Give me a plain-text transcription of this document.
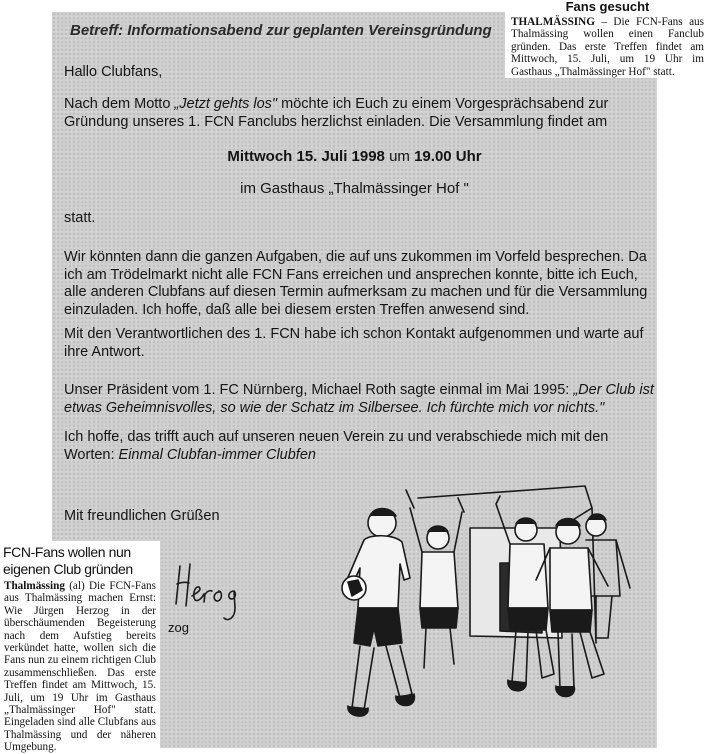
Betreff: Informationsabend zur geplanten Vereinsgründung
Hallo Clubfans,
Nach dem Motto „Jetzt gehts los" möchte ich Euch zu einem Vorgesprächsabend zur
Gründung unseres 1. FCN Fanclubs herzlichst einladen. Die Versammlung findet am
Mittwoch 15. Juli 1998 um 19.00 Uhr
im Gasthaus „Thalmässinger Hof "
statt.
Wir könnten dann die ganzen Aufgaben, die auf uns zukommen im Vorfeld besprechen. Da
ich am Trödelmarkt nicht alle FCN Fans erreichen und ansprechen konnte, bitte ich Euch,
alle anderen Clubfans auf diesen Termin aufmerksam zu machen und für die Versammlung
einzuladen. Ich hoffe, daß alle bei diesem ersten Treffen anwesend sind.
Mit den Verantwortlichen des 1. FCN habe ich schon Kontakt aufgenommen und warte auf
ihre Antwort.
Unser Präsident vom 1. FC Nürnberg, Michael Roth sagte einmal im Mai 1995: „Der Club ist
etwas Geheimnisvolles, so wie der Schatz im Silbersee. Ich fürchte mich vor nichts."
Ich hoffe, das trifft auch auf unseren neuen Verein zu und verabschiede mich mit den
Worten: Einmal Clubfan-immer Clubfen
Mit freundlichen Grüßen
zog
Fans gesucht
THALMÄSSING – Die FCN-Fans aus Thalmässing wollen einen Fanclub gründen. Das erste Treffen findet am Mittwoch, 15. Juli, um 19 Uhr im Gasthaus „Thalmässinger Hof" statt.
FCN-Fans wollen nun eigenen Club gründen
Thalmässing (al) Die FCN-Fans aus Thalmässing machen Ernst: Wie Jürgen Herzog in der überschäumenden Begeisterung nach dem Aufstieg bereits verkündet hatte, wollen sich die Fans nun zu einem richtigen Club zusammenschließen. Das erste Treffen findet am Mittwoch, 15. Juli, um 19 Uhr im Gasthaus „Thalmässinger Hof" statt. Eingeladen sind alle Clubfans aus Thalmässing und der näheren Umgebung.
